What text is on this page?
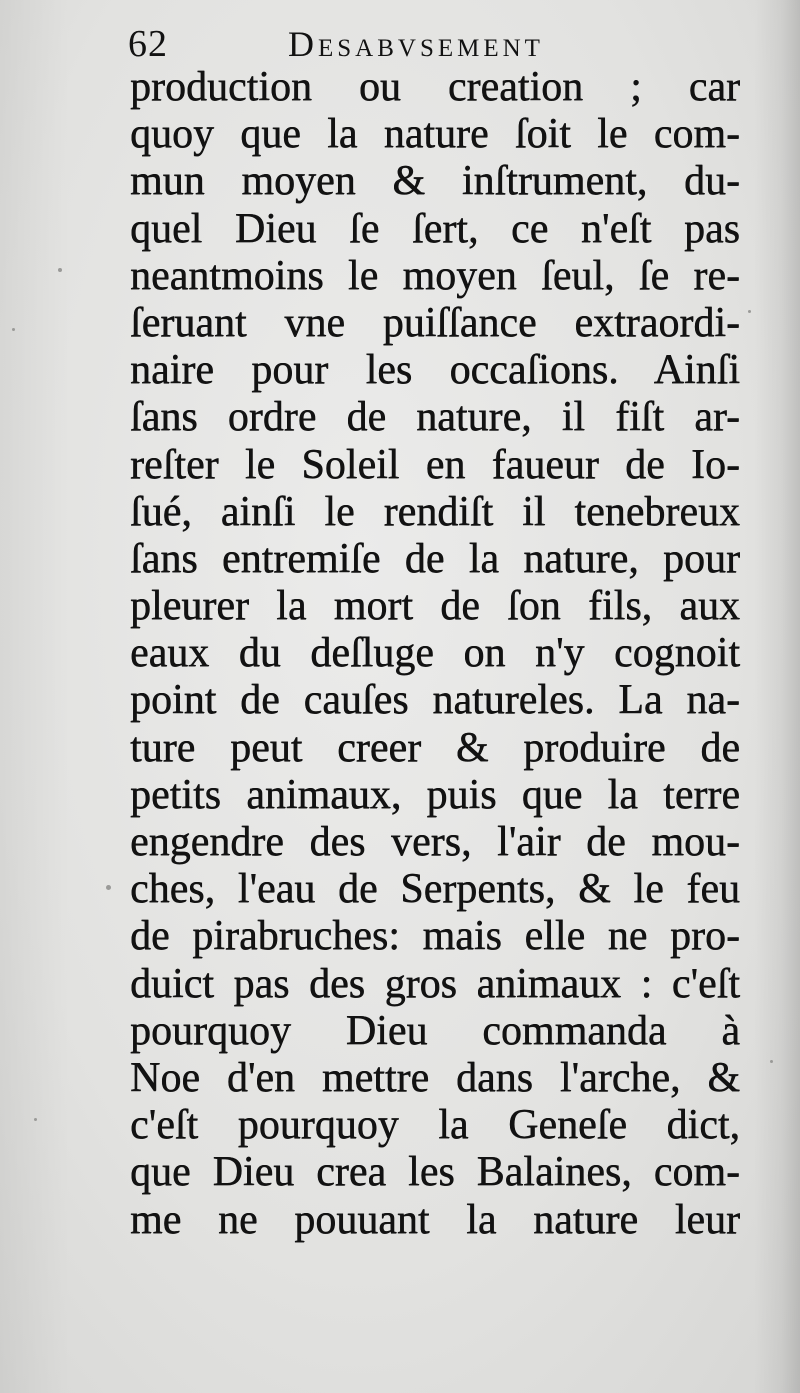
62	Desabvsement
production ou creation ; car
quoy que la nature ſoit le com-
mun moyen & inſtrument, du-
quel Dieu ſe ſert, ce n'eſt pas
neantmoins le moyen ſeul, ſe re-
ſeruant vne puiſſance extraordi-
naire pour les occaſions. Ainſi
ſans ordre de nature, il fiſt ar-
reſter le Soleil en faueur de Io-
ſué, ainſi le rendiſt il tenebreux
ſans entremiſe de la nature, pour
pleurer la mort de ſon fils, aux
eaux du deſluge on n'y cognoit
point de cauſes natureles. La na-
ture peut creer & produire de
petits animaux, puis que la terre
engendre des vers, l'air de mou-
ches, l'eau de Serpents, & le feu
de pirabruches: mais elle ne pro-
duict pas des gros animaux : c'eſt
pourquoy Dieu commanda à
Noe d'en mettre dans l'arche, &
c'eſt pourquoy la Geneſe dict,
que Dieu crea les Balaines, com-
me ne pouuant la nature leur
